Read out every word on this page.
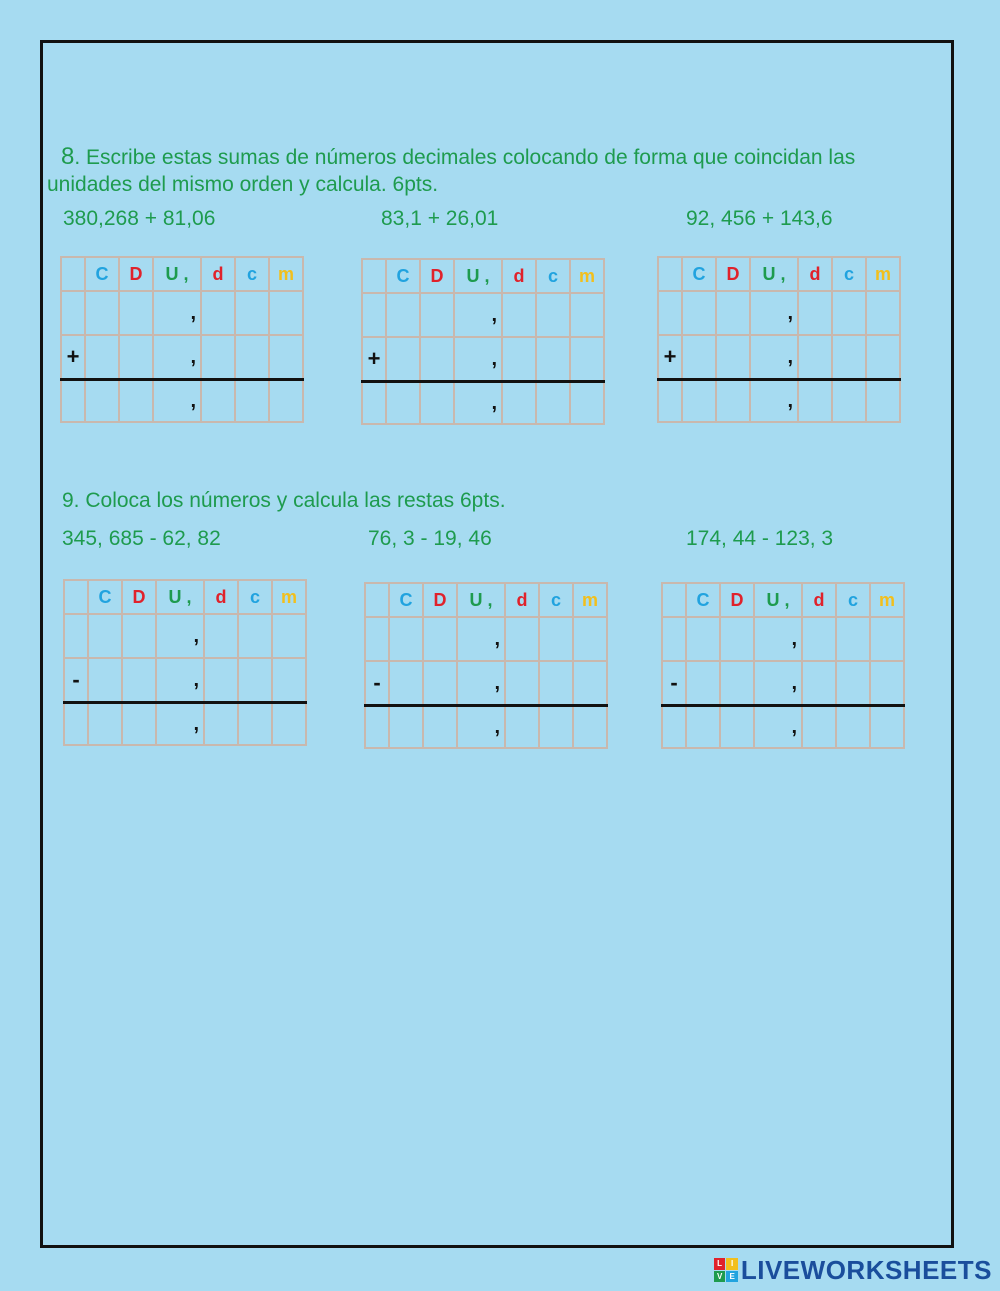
8. Escribe estas sumas de números decimales colocando de forma que coincidan las unidades del mismo orden y calcula. 6pts.
380,268 + 81,06	83,1 + 26,01	92, 456 + 143,6
	C	D	U ,	d	c	m

			,			

+			,			

			,			

	C	D	U ,	d	c	m

			,			

+			,			

			,			

	C	D	U ,	d	c	m

			,			

+			,			

			,			

9. Coloca los números y calcula las restas 6pts.
345, 685 - 62, 82	76, 3 - 19, 46	174, 44 - 123, 3
	C	D	U ,	d	c	m

			,			

-			,			

			,			

	C	D	U ,	d	c	m

			,			

-			,			

			,			

	C	D	U ,	d	c	m

			,			

-			,			

			,			

L	I
V E LIVEWORKSHEETS
